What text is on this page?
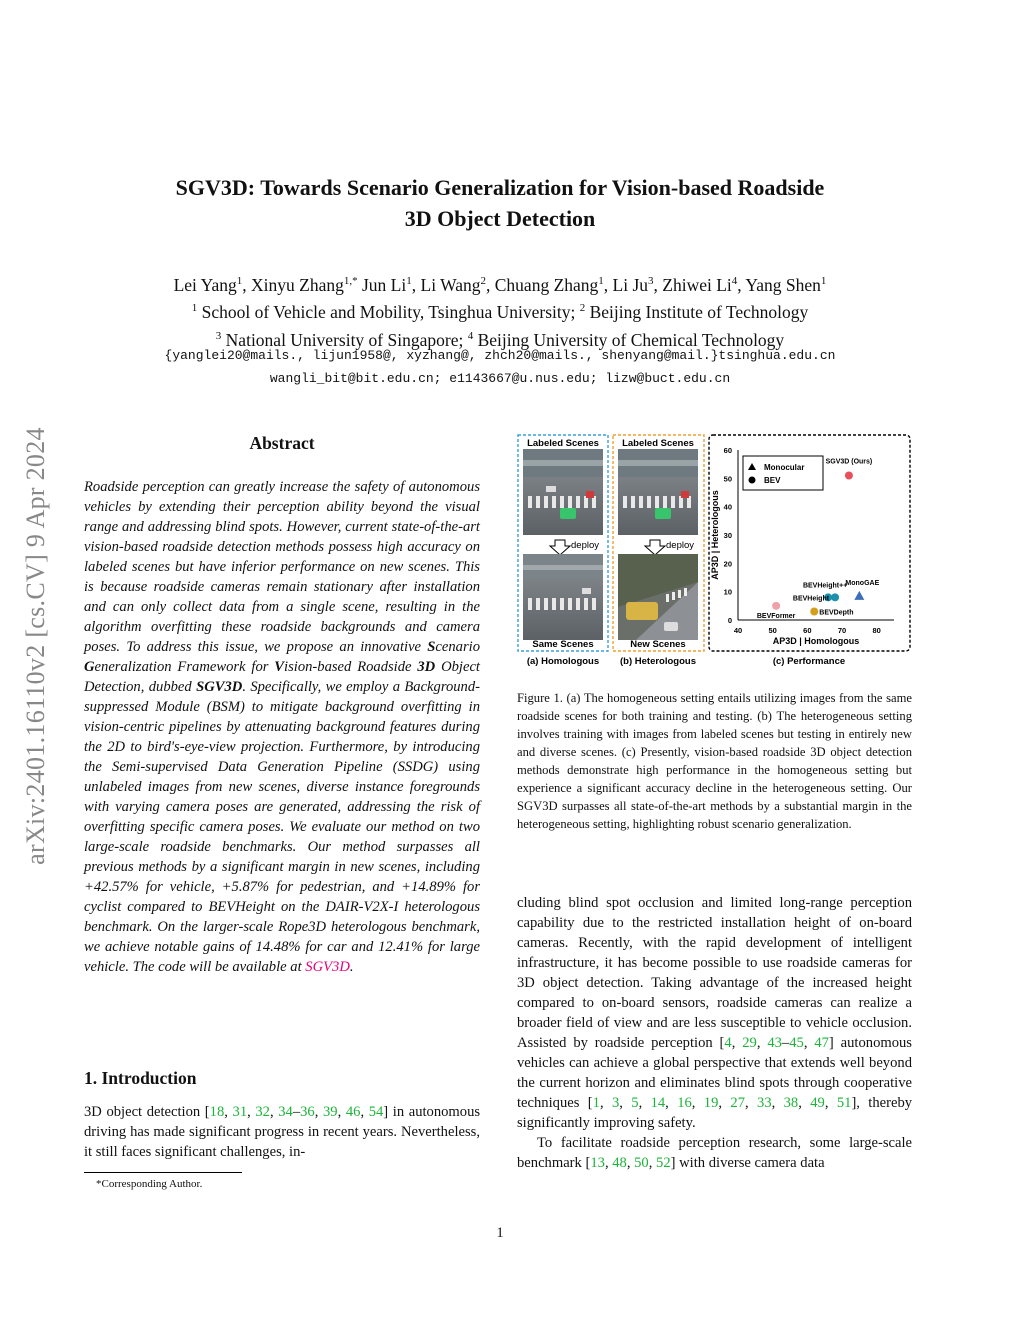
arXiv:2401.16110v2 [cs.CV] 9 Apr 2024
SGV3D: Towards Scenario Generalization for Vision-based Roadside
3D Object Detection
Lei Yang$^1$, Xinyu Zhang$^{1,*}$ Jun Li$^1$, Li Wang$^2$, Chuang Zhang$^1$, Li Ju$^3$, Zhiwei Li$^4$, Yang Shen$^1$
$^1$ School of Vehicle and Mobility, Tsinghua University; $^2$ Beijing Institute of Technology
$^3$ National University of Singapore; $^4$ Beijing University of Chemical Technology
{yanglei20@mails., lijun1958@, xyzhang@, zhch20@mails., shenyang@mail.}tsinghua.edu.cn
wangli_bit@bit.edu.cn; e1143667@u.nus.edu; lizw@buct.edu.cn
Abstract
Roadside perception can greatly increase the safety of autonomous vehicles by extending their perception ability beyond the visual range and addressing blind spots. However, current state-of-the-art vision-based roadside detection methods possess high accuracy on labeled scenes but have inferior performance on new scenes. This is because roadside cameras remain stationary after installation and can only collect data from a single scene, resulting in the algorithm overfitting these roadside backgrounds and camera poses. To address this issue, we propose an innovative Scenario Generalization Framework for Vision-based Roadside 3D Object Detection, dubbed SGV3D. Specifically, we employ a Background-suppressed Module (BSM) to mitigate background overfitting in vision-centric pipelines by attenuating background features during the 2D to bird's-eye-view projection. Furthermore, by introducing the Semi-supervised Data Generation Pipeline (SSDG) using unlabeled images from new scenes, diverse instance foregrounds with varying camera poses are generated, addressing the risk of overfitting specific camera poses. We evaluate our method on two large-scale roadside benchmarks. Our method surpasses all previous methods by a significant margin in new scenes, including +42.57% for vehicle, +5.87% for pedestrian, and +14.89% for cyclist compared to BEVHeight on the DAIR-V2X-I heterologous benchmark. On the larger-scale Rope3D heterologous benchmark, we achieve notable gains of 14.48% for car and 12.41% for large vehicle. The code will be available at SGV3D.
1. Introduction
3D object detection [18, 31, 32, 34–36, 39, 46, 54] in autonomous driving has made significant progress in recent years. Nevertheless, it still faces significant challenges, in-
*Corresponding Author.
Labeled Scenes
deploy
Same Scenes
(a) Homologous
Labeled Scenes
deploy
New Scenes
(b) Heterologous
40	50	60	70	80
0
10
20
30
40
50
60
SGV3D (Ours)
BEVHeight++
BEVHeight
MonoGAE
BEVFormer	BEVDepth
Monocular
BEV
AP3D | Homologous
AP3D | Heterologous
(c) Performance
Figure 1. (a) The homogeneous setting entails utilizing images from the same roadside scenes for both training and testing. (b) The heterogeneous setting involves training with images from labeled scenes but testing in entirely new and diverse scenes. (c) Presently, vision-based roadside 3D object detection methods demonstrate high performance in the homogeneous setting but experience a significant accuracy decline in the heterogeneous setting. Our SGV3D surpasses all state-of-the-art methods by a substantial margin in the heterogeneous setting, highlighting robust scenario generalization.

cluding blind spot occlusion and limited long-range perception capability due to the restricted installation height of on-board cameras. Recently, with the rapid development of intelligent infrastructure, it has become possible to use roadside cameras for 3D object detection. Taking advantage of the increased height compared to on-board sensors, roadside cameras can realize a broader field of view and are less susceptible to vehicle occlusion. Assisted by roadside perception [4, 29, 43–45, 47] autonomous vehicles can achieve a global perspective that extends well beyond the current horizon and eliminates blind spots through cooperative techniques [1, 3, 5, 14, 16, 19, 27, 33, 38, 49, 51], thereby significantly improving safety.

To facilitate roadside perception research, some large-scale benchmark [13, 48, 50, 52] with diverse camera data

1
